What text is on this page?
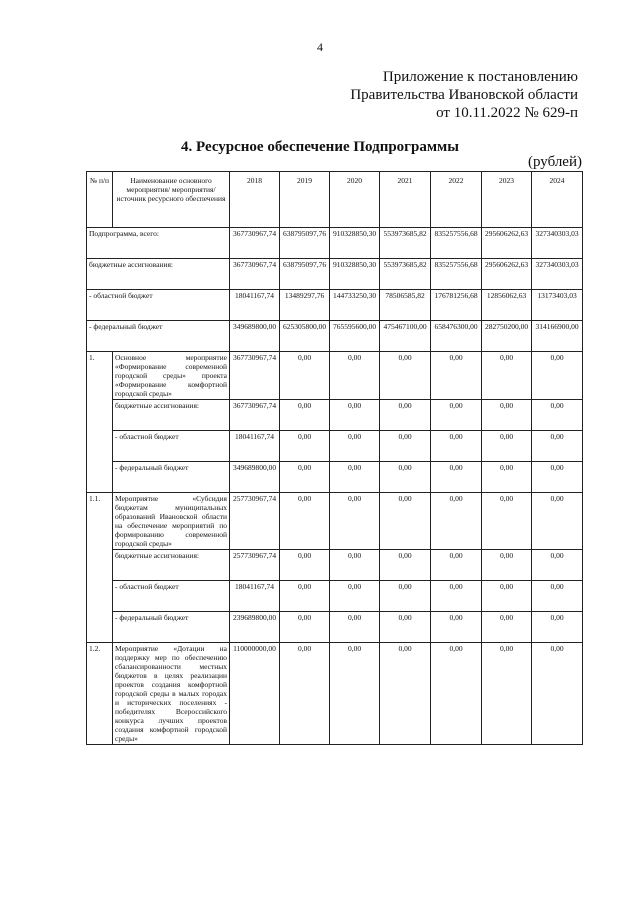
4
Приложение к постановлению
Правительства Ивановской области
от 10.11.2022 № 629-п
4. Ресурсное обеспечение Подпрограммы
(рублей)
№ п/п	Наименование основного мероприятия/ мероприятия/источник ресурсного обеспечения	2018	2019	2020	2021	2022	2023	2024
Подпрограмма, всего:		367730967,74	638795097,76	910328850,30	553973685,82	835257556,68	295606262,63	327340303,03
бюджетные ассигнования:		367730967,74	638795097,76	910328850,30	553973685,82	835257556,68	295606262,63	327340303,03
- областной бюджет		18041167,74	13489297,76	144733250,30	78506585,82	176781256,68	12856062,63	13173403,03
- федеральный бюджет		349689800,00	625305800,00	765595600,00	475467100,00	658476300,00	282750200,00	314166900,00
1.	Основное мероприятие «Формирование современной городской среды» проекта «Формирование комфортной городской среды»	367730967,74	0,00	0,00	0,00	0,00	0,00	0,00
	бюджетные ассигнования:	367730967,74	0,00	0,00	0,00	0,00	0,00	0,00
	- областной бюджет	18041167,74	0,00	0,00	0,00	0,00	0,00	0,00
	- федеральный бюджет	349689800,00	0,00	0,00	0,00	0,00	0,00	0,00
1.1.	Мероприятие «Субсидия бюджетам муниципальных образований Ивановской области на обеспечение мероприятий по формированию современной городской среды»	257730967,74	0,00	0,00	0,00	0,00	0,00	0,00
	бюджетные ассигнования:	257730967,74	0,00	0,00	0,00	0,00	0,00	0,00
	- областной бюджет	18041167,74	0,00	0,00	0,00	0,00	0,00	0,00
	- федеральный бюджет	239689800,00	0,00	0,00	0,00	0,00	0,00	0,00
1.2.	Мероприятие «Дотации на поддержку мер по обеспечению сбалансированности местных бюджетов в целях реализации проектов создания комфортной городской среды в малых городах и исторических поселениях - победителях Всероссийского конкурса лучших проектов создания комфортной городской среды»	110000000,00	0,00	0,00	0,00	0,00	0,00	0,00
